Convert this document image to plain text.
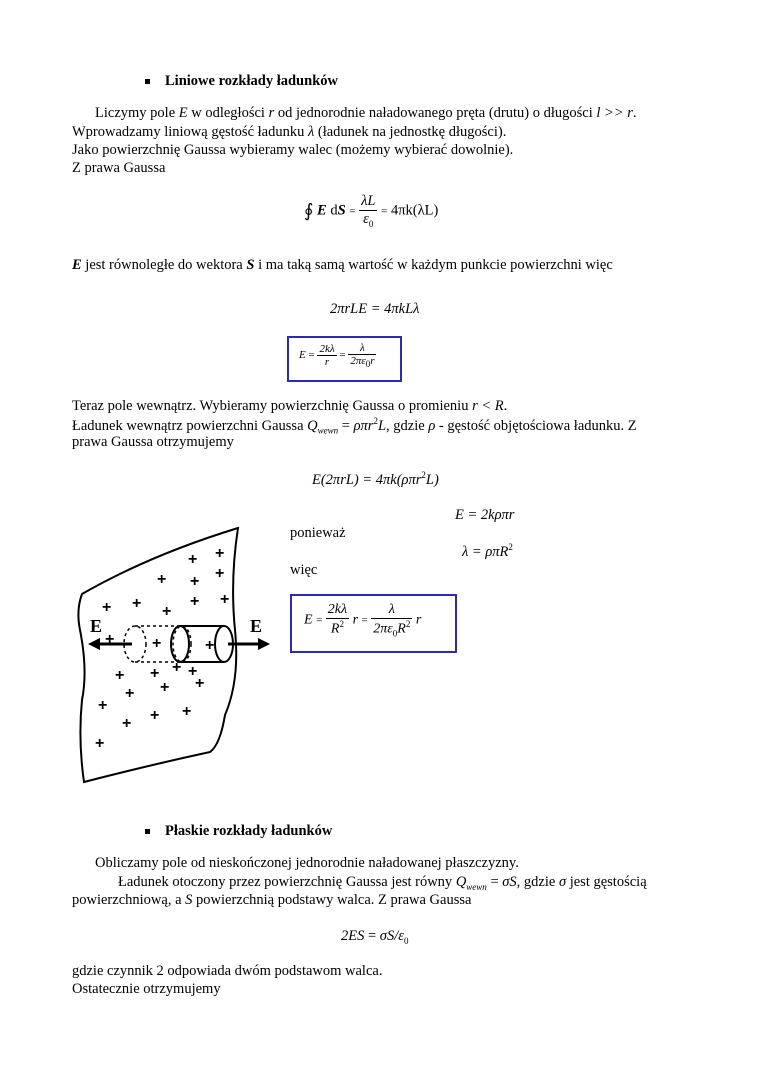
Liniowe rozkłady ładunków
Liczymy pole E w odległości r od jednorodnie naładowanego pręta (drutu) o długości l >> r.
Wprowadzamy liniową gęstość ładunku λ (ładunek na jednostkę długości).
Jako powierzchnię Gaussa wybieramy walec (możemy wybierać dowolnie).
Z prawa Gaussa
∮ E dS = $\frac{\lambda L}{\varepsilon_0} = 4\pi k(\lambda L)$
E jest równoległe do wektora S i ma taką samą wartość w każdym punkcie powierzchni więc
2πrLE = 4πkLλ
$E = \frac{2k\lambda}{r} = \frac{\lambda}{2\pi\varepsilon_0r}$
Teraz pole wewnątrz. Wybieramy powierzchnię Gaussa o promieniu r < R.
Ładunek wewnątrz powierzchni Gaussa $Q_{wewn} = \rho\pi r^2L$, gdzie ρ - gęstość objętościowa ładunku. Z
prawa Gaussa otrzymujemy
E(2πrL) = 4πk(ρπr$^2$L)
E = 2kρπr
ponieważ
λ = ρπR$^2$
więc
$E = \frac{2k\lambda}{R^2}$ $r = \frac{\lambda}{2\pi\varepsilon_0R^2}$ r
E	E
+ +
+ + +
+ + +
+ +
+ +	+
+ + + +
+ + +
+
+ + +
+
Płaskie rozkłady ładunków
Obliczamy pole od nieskończonej jednorodnie naładowanej płaszczyzny.
Ładunek otoczony przez powierzchnię Gaussa jest równy $Q_{wewn} = \sigma S$, gdzie σ jest gęstością
powierzchniową, a S powierzchnią podstawy walca. Z prawa Gaussa
$2ES = \sigma S/\varepsilon_0$
gdzie czynnik 2 odpowiada dwóm podstawom walca.
Ostatecznie otrzymujemy
